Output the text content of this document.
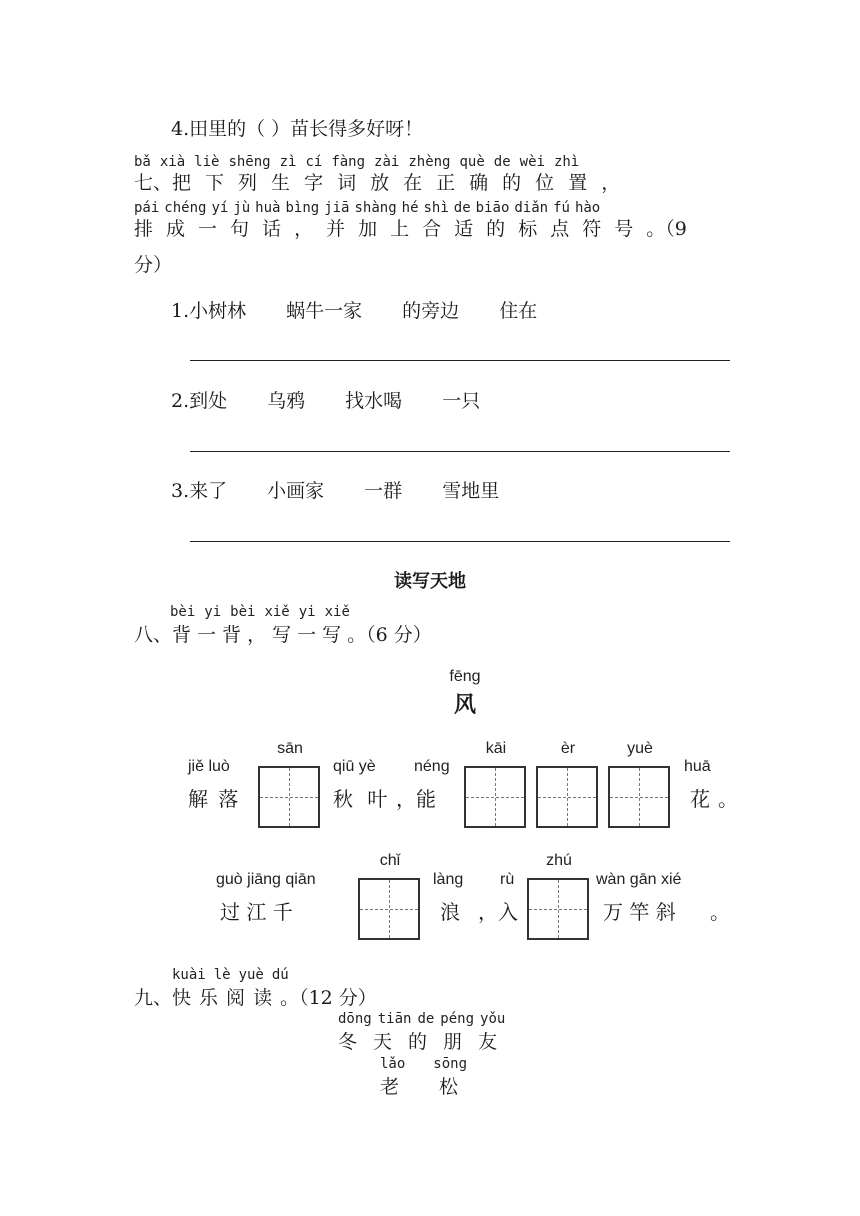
4.田里的（ ）苗长得多好呀！
bǎ xià liè shēng zì cí fàng zài zhèng què de wèi zhì
七、把 下 列 生 字 词 放 在 正 确 的 位 置 ，
pái chéng yí jù huà bìng jiā shàng hé shì de biāo diǎn fú hào
排 成 一 句 话 ， 并 加 上 合 适 的 标 点 符 号 。（9
分）
1.小树林 蜗牛一家 的旁边 住在
2.到处 乌鸦 找水喝 一只
3.来了 小画家 一群 雪地里
读写天地
bèi yi bèi xiě yi xiě
八、背 一 背 ， 写 一 写 。（6 分）
fēng
风
jiě luò
解 落
sān
qiū yè
秋 叶
néng
，能
kāi	èr	yuè
huā
花 。
guò jiāng qiān
过 江 千
chǐ
làng
浪
rù
，入
zhú
wàn gān xié
万 竿 斜 。
kuài lè yuè dú
九、快 乐 阅 读 。（12 分）
dōng tiān de péng yǒu
冬 天 的 朋 友
lǎo sōng
老 松
